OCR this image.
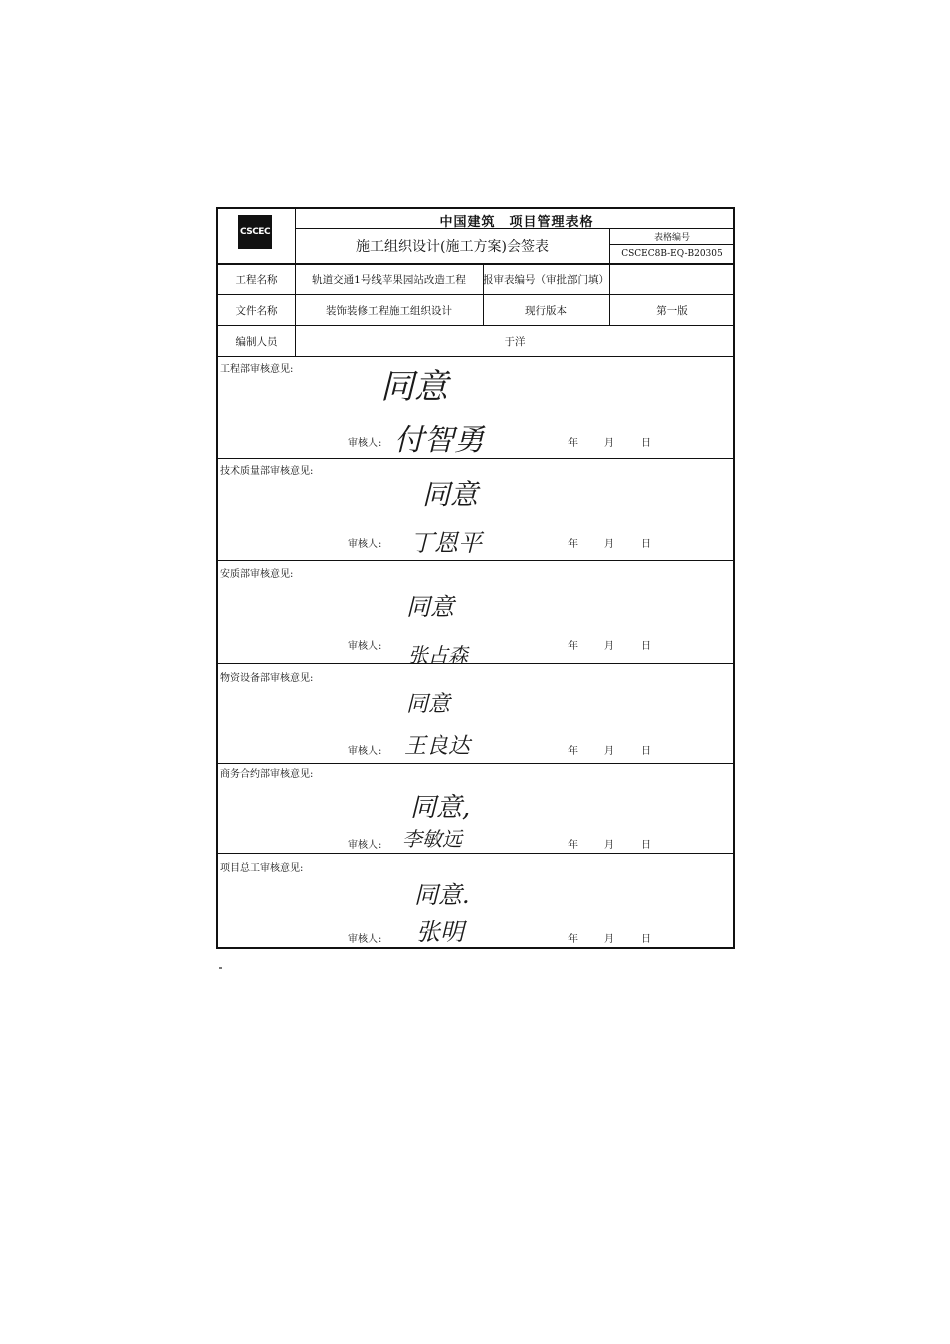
CSCEC
中国建筑　项目管理表格
施工组织设计(施工方案)会签表
表格编号
CSCEC8B-EQ-B20305
工程名称	轨道交通1号线苹果园站改造工程	报审表编号（审批部门填）
文件名称	装饰装修工程施工组织设计	现行版本	第一版
编制人员	于洋
工程部审核意见:	同意
审核人: 付智勇	年	月	日
技术质量部审核意见:
同意
审核人: 丁恩平	年	月	日
安质部审核意见:
同意
审核人: 张占森	年	月	日
物资设备部审核意见:
同意
审核人: 王良达	年	月	日
商务合约部审核意见:
同意,
审核人: 李敏远	年	月	日
项目总工审核意见:
同意.
审核人: 张明	年	月	日
